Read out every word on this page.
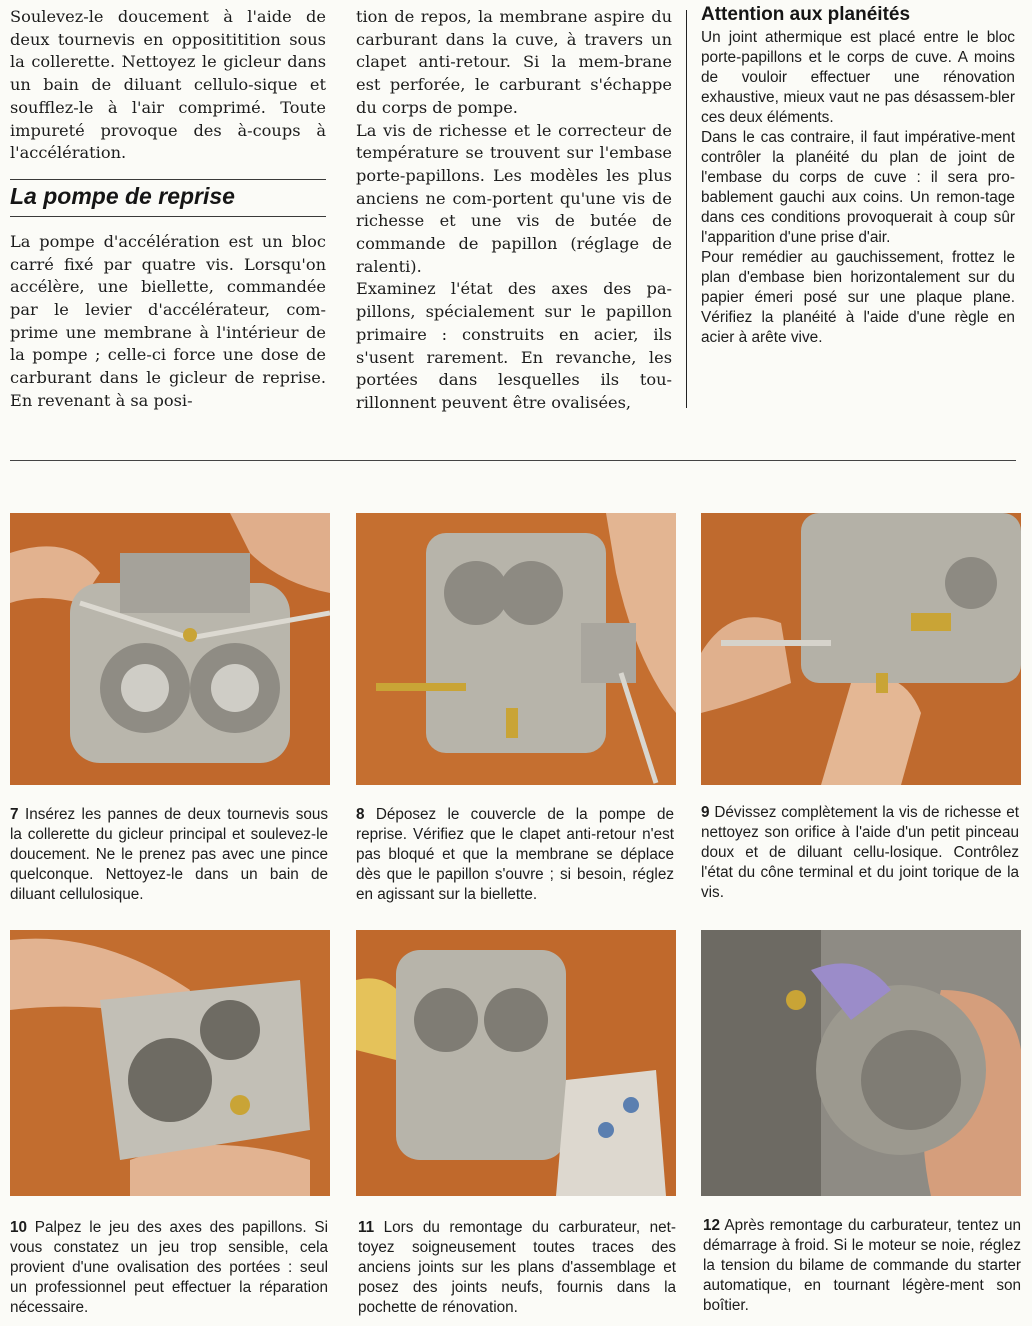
Soulevez-le doucement à l'aide de deux tournevis en opposititition sous la collerette. Nettoyez le gicleur dans un bain de diluant cellulo-sique et soufflez-le à l'air comprimé. Toute impureté provoque des à-coups à l'accélération.

La pompe de reprise

La pompe d'accélération est un bloc carré fixé par quatre vis. Lorsqu'on accélère, une biellette, commandée par le levier d'accélérateur, com-prime une membrane à l'intérieur de la pompe ; celle-ci force une dose de carburant dans le gicleur de reprise. En revenant à sa posi-

tion de repos, la membrane aspire du carburant dans la cuve, à travers un clapet anti-retour. Si la mem-brane est perforée, le carburant s'échappe du corps de pompe.

La vis de richesse et le correcteur de température se trouvent sur l'embase porte-papillons. Les modèles les plus anciens ne com-portent qu'une vis de richesse et une vis de butée de commande de papillon (réglage de ralenti).

Examinez l'état des axes des pa-pillons, spécialement sur le papillon primaire : construits en acier, ils s'usent rarement. En revanche, les portées dans lesquelles ils tou-rillonnent peuvent être ovalisées,

Attention aux planéités

Un joint athermique est placé entre le bloc porte-papillons et le corps de cuve. A moins de vouloir effectuer une rénovation exhaustive, mieux vaut ne pas désassem-bler ces deux éléments.

Dans le cas contraire, il faut impérative-ment contrôler la planéité du plan de joint de l'embase du corps de cuve : il sera pro-bablement gauchi aux coins. Un remon-tage dans ces conditions provoquerait à coup sûr l'apparition d'une prise d'air.

Pour remédier au gauchissement, frottez le plan d'embase bien horizontalement sur du papier émeri posé sur une plaque plane. Vérifiez la planéité à l'aide d'une règle en acier à arête vive.

7 Insérez les pannes de deux tournevis sous la collerette du gicleur principal et soulevez-le doucement. Ne le prenez pas avec une pince quelconque. Nettoyez-le dans un bain de diluant cellulosique.

8 Déposez le couvercle de la pompe de reprise. Vérifiez que le clapet anti-retour n'est pas bloqué et que la membrane se déplace dès que le papillon s'ouvre ; si besoin, réglez en agissant sur la biellette.

9 Dévissez complètement la vis de richesse et nettoyez son orifice à l'aide d'un petit pinceau doux et de diluant cellu-losique. Contrôlez l'état du cône terminal et du joint torique de la vis.

10 Palpez le jeu des axes des papillons. Si vous constatez un jeu trop sensible, cela provient d'une ovalisation des portées : seul un professionnel peut effectuer la réparation nécessaire.

11 Lors du remontage du carburateur, net-toyez soigneusement toutes traces des anciens joints sur les plans d'assemblage et posez des joints neufs, fournis dans la pochette de rénovation.

12 Après remontage du carburateur, tentez un démarrage à froid. Si le moteur se noie, réglez la tension du bilame de commande du starter automatique, en tournant légère-ment son boîtier.
